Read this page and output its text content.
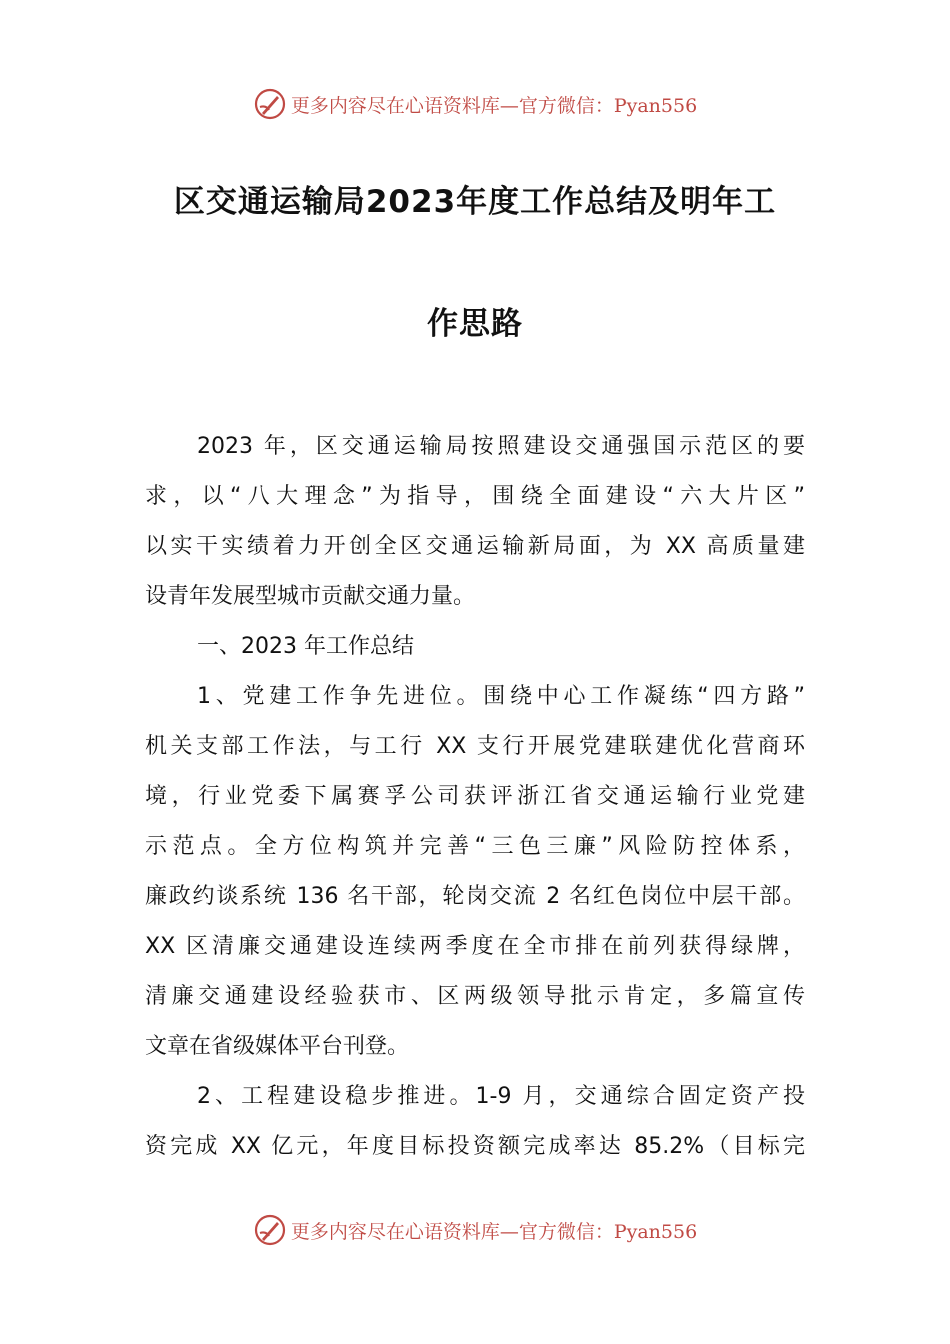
更多内容尽在心语资料库—官方微信：Pyan556
区交通运输局2023年度工作总结及明年工
作思路
2023 年，区交通运输局按照建设交通强国示范区的要
求，以“八大理念”为指导，围绕全面建设“六大片区”
以实干实绩着力开创全区交通运输新局面，为 XX 高质量建
设青年发展型城市贡献交通力量。
一、2023 年工作总结
1、党建工作争先进位。围绕中心工作凝练“四方路”
机关支部工作法，与工行 XX 支行开展党建联建优化营商环
境，行业党委下属赛孚公司获评浙江省交通运输行业党建
示范点。全方位构筑并完善“三色三廉”风险防控体系，
廉政约谈系统 136 名干部，轮岗交流 2 名红色岗位中层干部。
XX 区清廉交通建设连续两季度在全市排在前列获得绿牌，
清廉交通建设经验获市、区两级领导批示肯定，多篇宣传
文章在省级媒体平台刊登。
2、工程建设稳步推进。1-9 月，交通综合固定资产投
资完成 XX 亿元，年度目标投资额完成率达 85.2%（目标完
更多内容尽在心语资料库—官方微信：Pyan556
